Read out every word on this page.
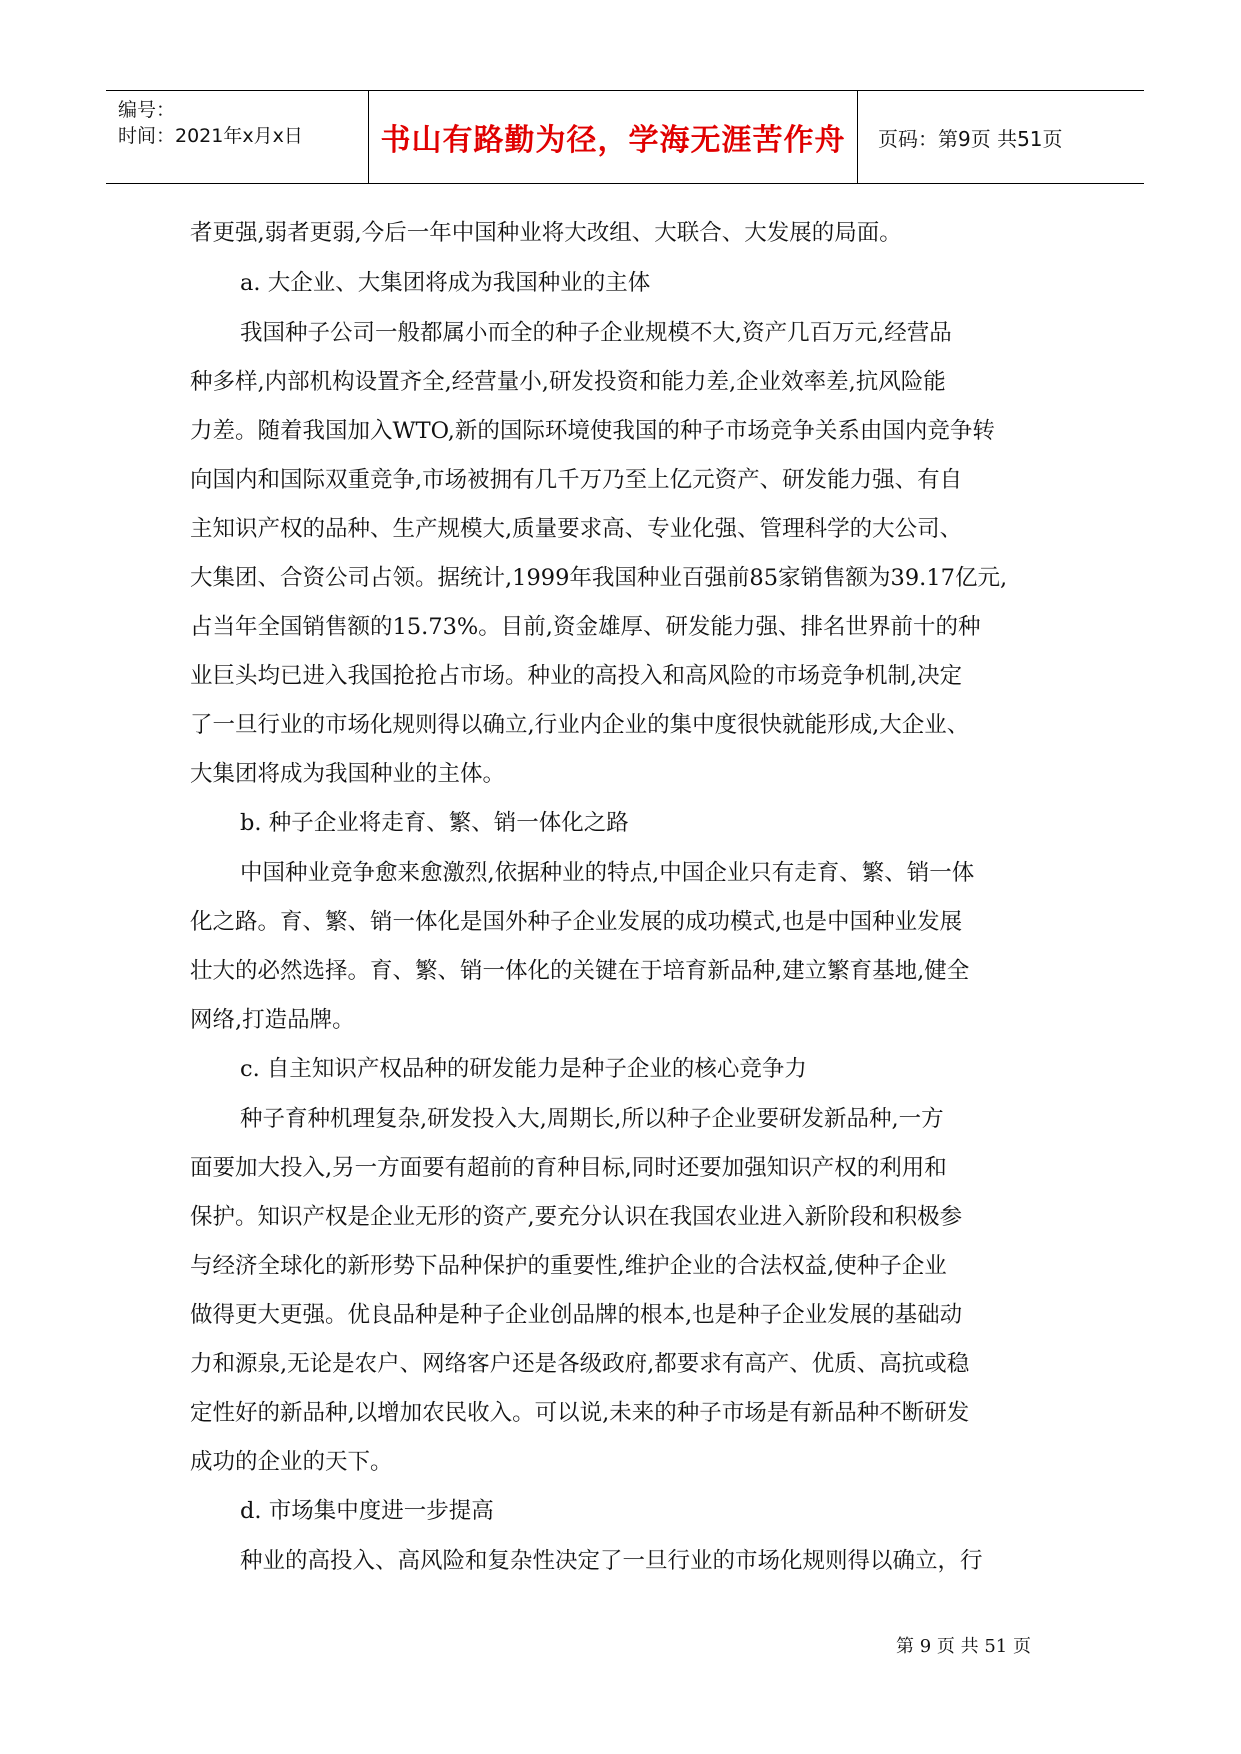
编号：
时间：2021年x月x日	书山有路勤为径，学海无涯苦作舟 页码：第9页 共51页
者更强,弱者更弱,今后一年中国种业将大改组、大联合、大发展的局面。
a. 大企业、大集团将成为我国种业的主体
我国种子公司一般都属小而全的种子企业规模不大,资产几百万元,经营品
种多样,内部机构设置齐全,经营量小,研发投资和能力差,企业效率差,抗风险能
力差。随着我国加入WTO,新的国际环境使我国的种子市场竞争关系由国内竞争转
向国内和国际双重竞争,市场被拥有几千万乃至上亿元资产、研发能力强、有自
主知识产权的品种、生产规模大,质量要求高、专业化强、管理科学的大公司、
大集团、合资公司占领。据统计,1999年我国种业百强前85家销售额为39.17亿元,
占当年全国销售额的15.73%。目前,资金雄厚、研发能力强、排名世界前十的种
业巨头均已进入我国抢抢占市场。种业的高投入和高风险的市场竞争机制,决定
了一旦行业的市场化规则得以确立,行业内企业的集中度很快就能形成,大企业、
大集团将成为我国种业的主体。
b. 种子企业将走育、繁、销一体化之路
中国种业竞争愈来愈激烈,依据种业的特点,中国企业只有走育、繁、销一体
化之路。育、繁、销一体化是国外种子企业发展的成功模式,也是中国种业发展
壮大的必然选择。育、繁、销一体化的关键在于培育新品种,建立繁育基地,健全
网络,打造品牌。
c. 自主知识产权品种的研发能力是种子企业的核心竞争力
种子育种机理复杂,研发投入大,周期长,所以种子企业要研发新品种,一方
面要加大投入,另一方面要有超前的育种目标,同时还要加强知识产权的利用和
保护。知识产权是企业无形的资产,要充分认识在我国农业进入新阶段和积极参
与经济全球化的新形势下品种保护的重要性,维护企业的合法权益,使种子企业
做得更大更强。优良品种是种子企业创品牌的根本,也是种子企业发展的基础动
力和源泉,无论是农户、网络客户还是各级政府,都要求有高产、优质、高抗或稳
定性好的新品种,以增加农民收入。可以说,未来的种子市场是有新品种不断研发
成功的企业的天下。
d. 市场集中度进一步提高
种业的高投入、高风险和复杂性决定了一旦行业的市场化规则得以确立，行
第 9 页 共 51 页
